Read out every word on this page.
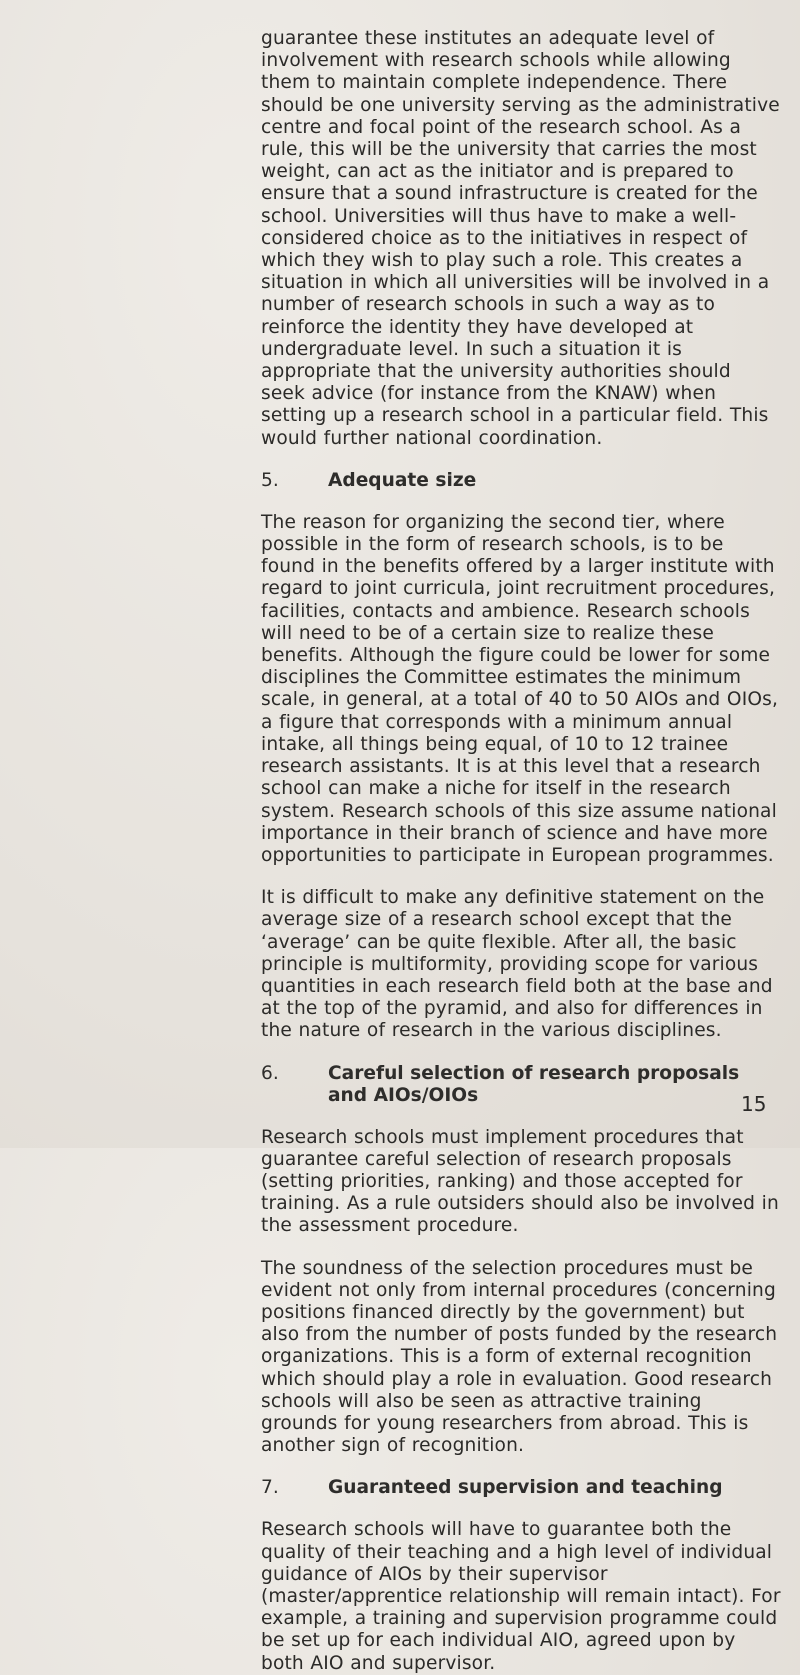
guarantee these institutes an adequate level of involvement with research schools while allowing them to maintain complete independence. There should be one university serving as the administrative centre and focal point of the research school. As a rule, this will be the university that carries the most weight, can act as the initiator and is prepared to ensure that a sound infrastructure is created for the school. Universities will thus have to make a well-considered choice as to the initiatives in respect of which they wish to play such a role. This creates a situation in which all universities will be involved in a number of research schools in such a way as to reinforce the identity they have developed at undergraduate level. In such a situation it is appropriate that the university authorities should seek advice (for instance from the KNAW) when setting up a research school in a particular field. This would further national coordination.

5.	Adequate size

The reason for organizing the second tier, where possible in the form of research schools, is to be found in the benefits offered by a larger institute with regard to joint curricula, joint recruitment procedures, facilities, contacts and ambience. Research schools will need to be of a certain size to realize these benefits. Although the figure could be lower for some disciplines the Committee estimates the minimum scale, in general, at a total of 40 to 50 AIOs and OIOs, a figure that corresponds with a minimum annual intake, all things being equal, of 10 to 12 trainee research assistants. It is at this level that a research school can make a niche for itself in the research system. Research schools of this size assume national importance in their branch of science and have more opportunities to participate in European programmes.

It is difficult to make any definitive statement on the average size of a research school except that the ‘average’ can be quite flexible. After all, the basic principle is multiformity, providing scope for various quantities in each research field both at the base and at the top of the pyramid, and also for differences in the nature of research in the various disciplines.

6.	Careful selection of research proposals and AIOs/OIOs

Research schools must implement procedures that guarantee careful selection of research proposals (setting priorities, ranking) and those accepted for training. As a rule outsiders should also be involved in the assessment procedure.

The soundness of the selection procedures must be evident not only from internal procedures (concerning positions financed directly by the government) but also from the number of posts funded by the research organizations. This is a form of external recognition which should play a role in evaluation. Good research schools will also be seen as attractive training grounds for young researchers from abroad. This is another sign of recognition.

7.	Guaranteed supervision and teaching

Research schools will have to guarantee both the quality of their teaching and a high level of individual guidance of AIOs by their supervisor (master/apprentice relationship will remain intact). For example, a training and supervision programme could be set up for each individual AIO, agreed upon by both AIO and supervisor.

15
